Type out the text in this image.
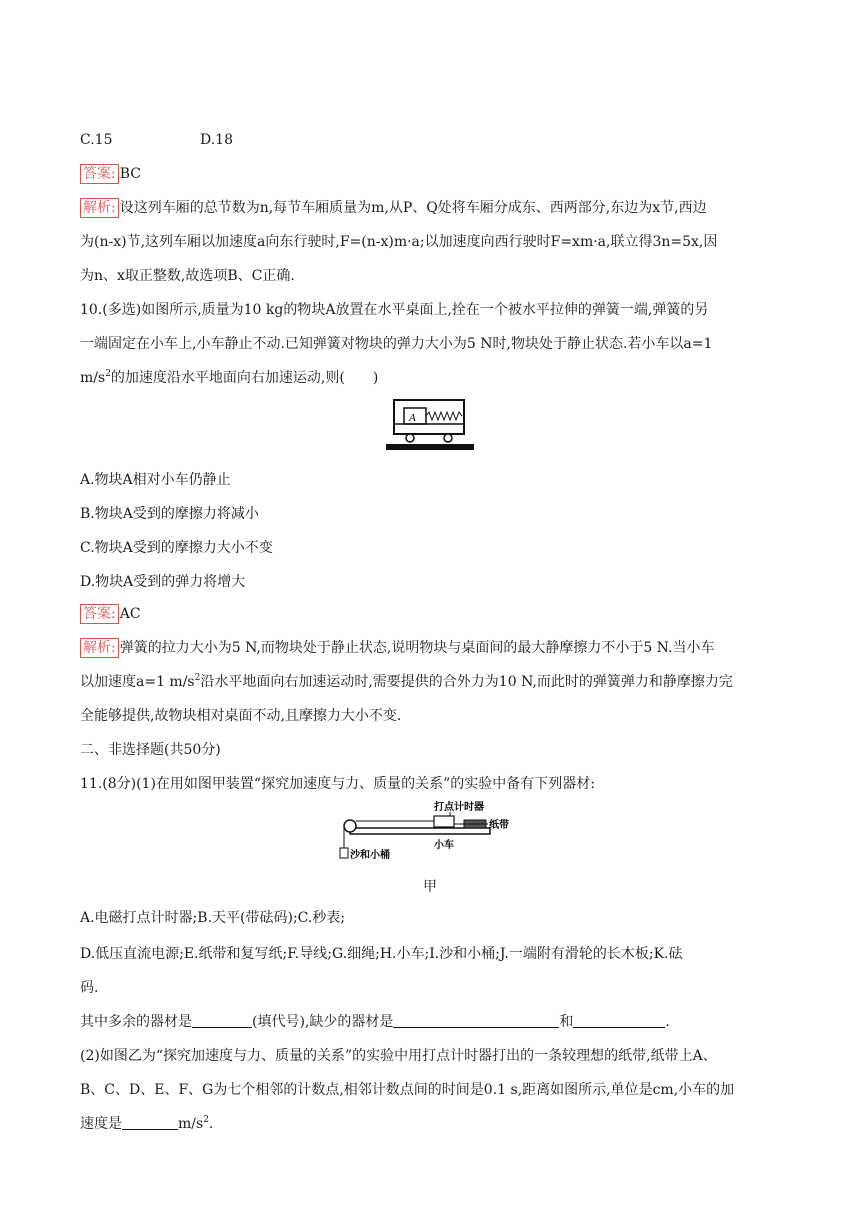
C.15	D.18
答案: BC
解析: 设这列车厢的总节数为n,每节车厢质量为m,从P、Q处将车厢分成东、西两部分,东边为x节,西边
为(n-x)节,这列车厢以加速度a向东行驶时,F=(n-x)m·a;以加速度向西行驶时F=xm·a,联立得3n=5x,因
为n、x取正整数,故选项B、C正确.
10.(多选)如图所示,质量为10 kg的物块A放置在水平桌面上,拴在一个被水平拉伸的弹簧一端,弹簧的另
一端固定在小车上,小车静止不动.已知弹簧对物块的弹力大小为5 N时,物块处于静止状态.若小车以a=1
$m/s^2$的加速度沿水平地面向右加速运动,则(　　)
A
A.物块A相对小车仍静止
B.物块A受到的摩擦力将减小
C.物块A受到的摩擦力大小不变
D.物块A受到的弹力将增大
答案: AC
解析: 弹簧的拉力大小为5 N,而物块处于静止状态,说明物块与桌面间的最大静摩擦力不小于5 N.当小车
以加速度a=1 $m/s^2$沿水平地面向右加速运动时,需要提供的合外力为10 N,而此时的弹簧弹力和静摩擦力完
全能够提供,故物块相对桌面不动,且摩擦力大小不变.
二、非选择题(共50分)
11.(8分)(1)在用如图甲装置“探究加速度与力、质量的关系”的实验中备有下列器材:
打点计时器
沙和小桶
纸带
小车
甲
A.电磁打点计时器;B.天平(带砝码);C.秒表;
D.低压直流电源;E.纸带和复写纸;F.导线;G.细绳;H.小车;I.沙和小桶;J.一端附有滑轮的长木板;K.砝
码.
其中多余的器材是	(填代号),缺少的器材是	和	.
(2)如图乙为“探究加速度与力、质量的关系”的实验中用打点计时器打出的一条较理想的纸带,纸带上A、
B、C、D、E、F、G为七个相邻的计数点,相邻计数点间的时间是0.1 s,距离如图所示,单位是cm,小车的加
速度是	$m/s^2$.
